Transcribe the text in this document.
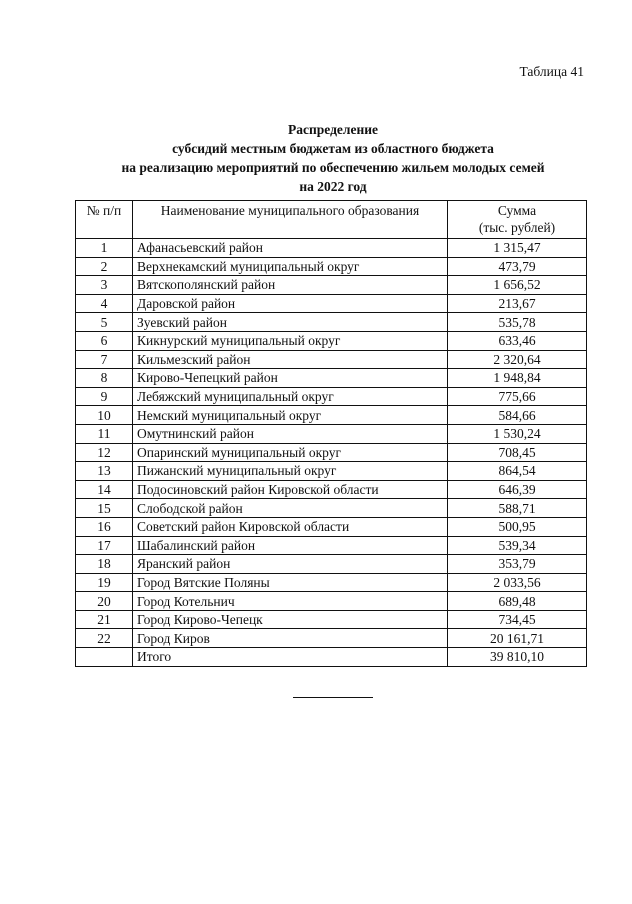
Таблица 41
Распределение
субсидий местным бюджетам из областного бюджета
на реализацию мероприятий по обеспечению жильем молодых семей
на 2022 год
№ п/п	Наименование муниципального образования	Сумма
(тыс. рублей)

1	Афанасьевский район	1 315,47
2	Верхнекамский муниципальный округ	473,79
3	Вятскополянский район	1 656,52
4	Даровской район	213,67
5	Зуевский район	535,78
6	Кикнурский муниципальный округ	633,46
7	Кильмезский район	2 320,64
8	Кирово-Чепецкий район	1 948,84
9	Лебяжский муниципальный округ	775,66
10	Немский муниципальный округ	584,66
11	Омутнинский район	1 530,24
12	Опаринский муниципальный округ	708,45
13	Пижанский муниципальный округ	864,54
14	Подосиновский район Кировской области	646,39
15	Слободской район	588,71
16	Советский район Кировской области	500,95
17	Шабалинский район	539,34
18	Яранский район	353,79
19	Город Вятские Поляны	2 033,56
20	Город Котельнич	689,48
21	Город Кирово-Чепецк	734,45
22	Город Киров	20 161,71
	Итого	39 810,10
